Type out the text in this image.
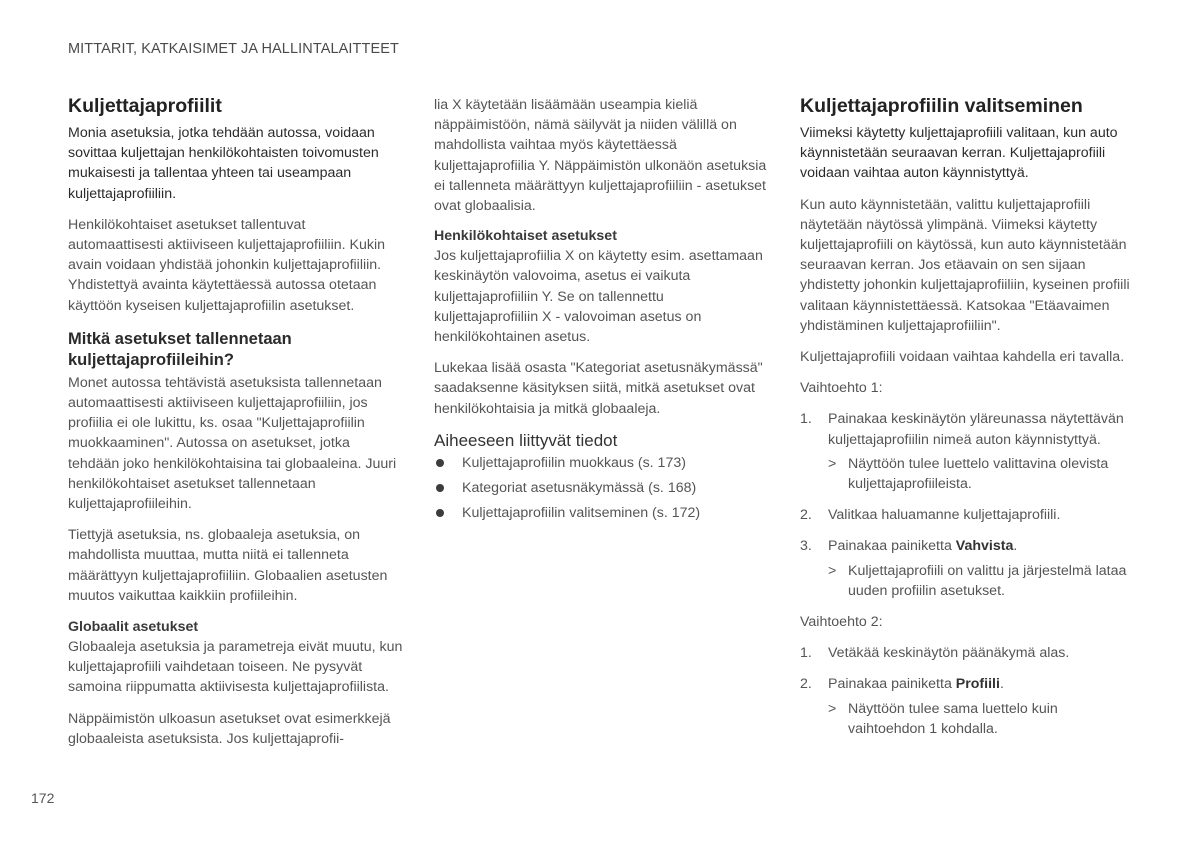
MITTARIT, KATKAISIMET JA HALLINTALAITTEET
Kuljettajaprofiilit

Monia asetuksia, jotka tehdään autossa, voidaan sovittaa kuljettajan henkilökohtaisten toivomusten mukaisesti ja tallentaa yhteen tai useampaan kuljettajaprofiiliin.

Henkilökohtaiset asetukset tallentuvat automaattisesti aktiiviseen kuljettajaprofiiliin. Kukin avain voidaan yhdistää johonkin kuljettajaprofiiliin. Yhdistettyä avainta käytettäessä autossa otetaan käyttöön kyseisen kuljettajaprofiilin asetukset.

Mitkä asetukset tallennetaan kuljettajaprofiileihin?

Monet autossa tehtävistä asetuksista tallennetaan automaattisesti aktiiviseen kuljettajaprofiiliin, jos profiilia ei ole lukittu, ks. osaa "Kuljettajaprofiilin muokkaaminen". Autossa on asetukset, jotka tehdään joko henkilökohtaisina tai globaaleina. Juuri henkilökohtaiset asetukset tallennetaan kuljettajaprofiileihin.

Tiettyjä asetuksia, ns. globaaleja asetuksia, on mahdollista muuttaa, mutta niitä ei tallenneta määrättyyn kuljettajaprofiiliin. Globaalien asetusten muutos vaikuttaa kaikkiin profiileihin.

Globaalit asetukset

Globaaleja asetuksia ja parametreja eivät muutu, kun kuljettajaprofiili vaihdetaan toiseen. Ne pysyvät samoina riippumatta aktiivisesta kuljettajaprofiilista.

Näppäimistön ulkoasun asetukset ovat esimerkkejä globaaleista asetuksista. Jos kuljettajaprofii-

lia X käytetään lisäämään useampia kieliä näppäimistöön, nämä säilyvät ja niiden välillä on mahdollista vaihtaa myös käytettäessä kuljettajaprofiilia Y. Näppäimistön ulkonäön asetuksia ei tallenneta määrättyyn kuljettajaprofiiliin - asetukset ovat globaalisia.

Henkilökohtaiset asetukset

Jos kuljettajaprofiilia X on käytetty esim. asettamaan keskinäytön valovoima, asetus ei vaikuta kuljettajaprofiiliin Y. Se on tallennettu kuljettajaprofiiliin X - valovoiman asetus on henkilökohtainen asetus.

Lukekaa lisää osasta "Kategoriat asetusnäkymässä" saadaksenne käsityksen siitä, mitkä asetukset ovat henkilökohtaisia ja mitkä globaaleja.

Aiheeseen liittyvät tiedot
Kuljettajaprofiilin muokkaus (s. 173)
Kategoriat asetusnäkymässä (s. 168)
Kuljettajaprofiilin valitseminen (s. 172)
Kuljettajaprofiilin valitseminen

Viimeksi käytetty kuljettajaprofiili valitaan, kun auto käynnistetään seuraavan kerran. Kuljettajaprofiili voidaan vaihtaa auton käynnistyttyä.

Kun auto käynnistetään, valittu kuljettajaprofiili näytetään näytössä ylimpänä. Viimeksi käytetty kuljettajaprofiili on käytössä, kun auto käynnistetään seuraavan kerran. Jos etäavain on sen sijaan yhdistetty johonkin kuljettajaprofiiliin, kyseinen profiili valitaan käynnistettäessä. Katsokaa "Etäavaimen yhdistäminen kuljettajaprofiiliin".

Kuljettajaprofiili voidaan vaihtaa kahdella eri tavalla.

Vaihtoehto 1:

1. Painakaa keskinäytön yläreunassa näytettävän kuljettajaprofiilin nimeä auton käynnistyttyä.
> Näyttöön tulee luettelo valittavina olevista kuljettajaprofiileista.
2. Valitkaa haluamanne kuljettajaprofiili.
3. Painakaa painiketta Vahvista.
> Kuljettajaprofiili on valittu ja järjestelmä lataa uuden profiilin asetukset.

Vaihtoehto 2:

1. Vetäkää keskinäytön päänäkymä alas.
2. Painakaa painiketta Profiili.
> Näyttöön tulee sama luettelo kuin vaihtoehdon 1 kohdalla.
172
